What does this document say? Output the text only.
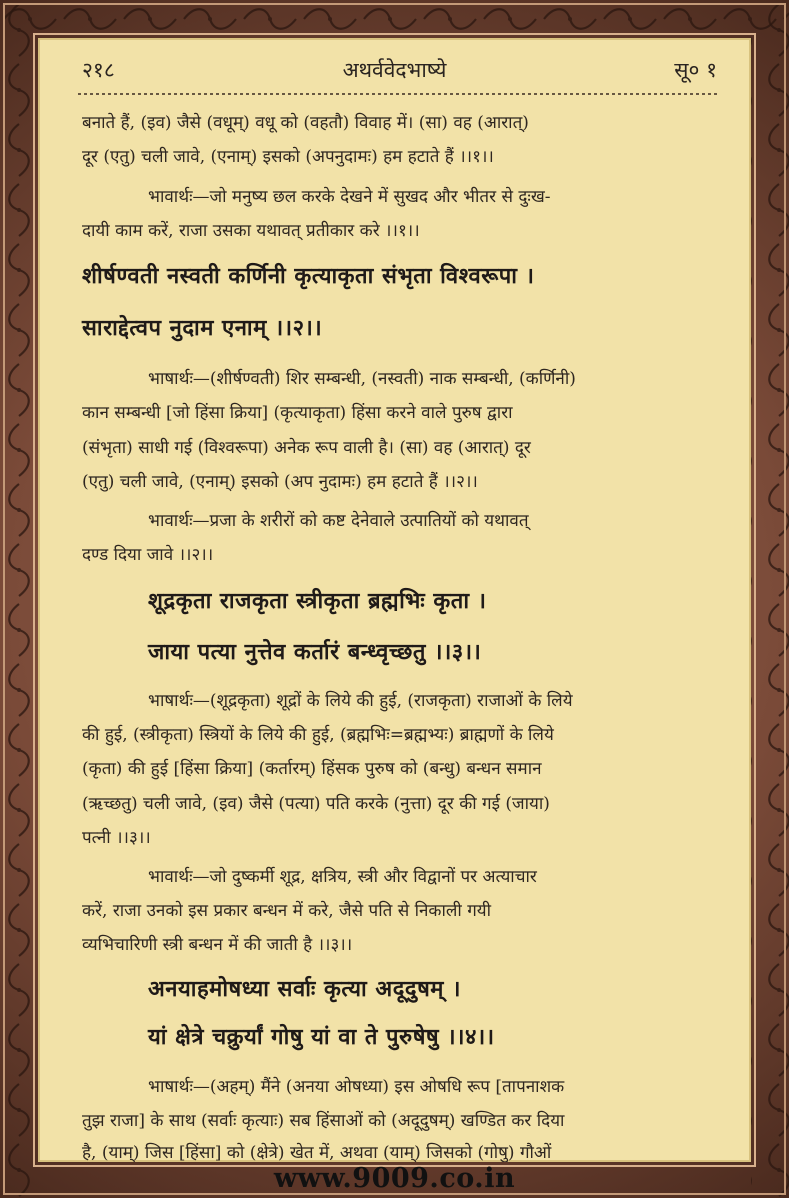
२१८	अथर्ववेदभाष्ये	सू० १
बनाते हैं, (इव) जैसे (वधूम्) वधू को (वहतौ) विवाह में। (सा) वह (आरात्)
दूर (एतु) चली जावे, (एनाम्) इसको (अपनुदामः) हम हटाते हैं ।।१।।
भावार्थः—जो मनुष्य छल करके देखने में सुखद और भीतर से दुःख-
दायी काम करें, राजा उसका यथावत् प्रतीकार करे ।।१।।
शीर्षण्वती नस्वती कर्णिनी कृत्याकृता संभृता विश्वरूपा ।
साराद्देत्वप नुदाम एनाम् ।।२।।
भाषार्थः—(शीर्षण्वती) शिर सम्बन्धी, (नस्वती) नाक सम्बन्धी, (कर्णिनी)
कान सम्बन्धी [जो हिंसा क्रिया] (कृत्याकृता) हिंसा करने वाले पुरुष द्वारा
(संभृता) साधी गई (विश्वरूपा) अनेक रूप वाली है। (सा) वह (आरात्) दूर
(एतु) चली जावे, (एनाम्) इसको (अप नुदामः) हम हटाते हैं ।।२।।
भावार्थः—प्रजा के शरीरों को कष्ट देनेवाले उत्पातियों को यथावत्
दण्ड दिया जावे ।।२।।
शूद्रकृता राजकृता स्त्रीकृता ब्रह्मभिः कृता ।
जाया पत्या नुत्तेव कर्तारं बन्ध्वृच्छतु ।।३।।
भाषार्थः—(शूद्रकृता) शूद्रों के लिये की हुई, (राजकृता) राजाओं के लिये
की हुई, (स्त्रीकृता) स्त्रियों के लिये की हुई, (ब्रह्मभिः=ब्रह्मभ्यः) ब्राह्मणों के लिये
(कृता) की हुई [हिंसा क्रिया] (कर्तारम्) हिंसक पुरुष को (बन्धु) बन्धन समान
(ऋच्छतु) चली जावे, (इव) जैसे (पत्या) पति करके (नुत्ता) दूर की गई (जाया)
पत्नी ।।३।।
भावार्थः—जो दुष्कर्मी शूद्र, क्षत्रिय, स्त्री और विद्वानों पर अत्याचार
करें, राजा उनको इस प्रकार बन्धन में करे, जैसे पति से निकाली गयी
व्यभिचारिणी स्त्री बन्धन में की जाती है ।।३।।
अनयाहमोषध्या सर्वाः कृत्या अदूदुषम् ।
यां क्षेत्रे चक्रुर्यां गोषु यां वा ते पुरुषेषु ।।४।।
भाषार्थः—(अहम्) मैंने (अनया ओषध्या) इस ओषधि रूप [तापनाशक
तुझ राजा] के साथ (सर्वाः कृत्याः) सब हिंसाओं को (अदूदुषम्) खण्डित कर दिया
है, (याम्) जिस [हिंसा] को (क्षेत्रे) खेत में, अथवा (याम्) जिसको (गोषु) गौओं
www.9009.co.in
